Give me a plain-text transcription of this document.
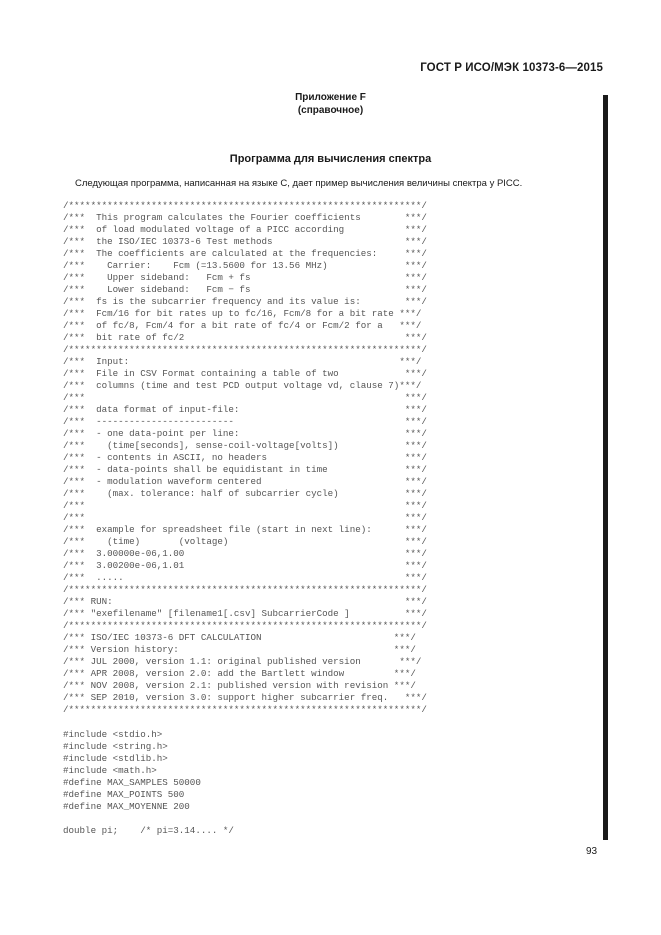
ГОСТ Р ИСО/МЭК 10373-6—2015
Приложение F
(справочное)
Программа для вычисления спектра
Следующая программа, написанная на языке С, дает пример вычисления величины спектра у PICC.
/****************************************************************/
/***  This program calculates the Fourier coefficients        ***/
/***  of load modulated voltage of a PICC according           ***/
/***  the ISO/IEC 10373-6 Test methods                        ***/
/***  The coefficients are calculated at the frequencies:     ***/
/***    Carrier:    Fcm (=13.5600 for 13.56 MHz)              ***/
/***    Upper sideband:   Fcm + fs                            ***/
/***    Lower sideband:   Fcm − fs                            ***/
/***  fs is the subcarrier frequency and its value is:        ***/
/***  Fcm/16 for bit rates up to fc/16, Fcm/8 for a bit rate ***/
/***  of fc/8, Fcm/4 for a bit rate of fc/4 or Fcm/2 for a   ***/
/***  bit rate of fc/2                                        ***/
/****************************************************************/
/***  Input:                                                 ***/
/***  File in CSV Format containing a table of two            ***/
/***  columns (time and test PCD output voltage vd, clause 7)***/
/***                                                          ***/
/***  data format of input-file:                              ***/
/***  -------------------------                               ***/
/***  - one data-point per line:                              ***/
/***    (time[seconds], sense-coil-voltage[volts])            ***/
/***  - contents in ASCII, no headers                         ***/
/***  - data-points shall be equidistant in time              ***/
/***  - modulation waveform centered                          ***/
/***    (max. tolerance: half of subcarrier cycle)            ***/
/***                                                          ***/
/***                                                          ***/
/***  example for spreadsheet file (start in next line):      ***/
/***    (time)       (voltage)                                ***/
/***  3.00000e-06,1.00                                        ***/
/***  3.00200e-06,1.01                                        ***/
/***  .....                                                   ***/
/****************************************************************/
/*** RUN:                                                     ***/
/*** "exefilename" [filename1[.csv] SubcarrierCode ]          ***/
/****************************************************************/
/*** ISO/IEC 10373-6 DFT CALCULATION                        ***/
/*** Version history:                                       ***/
/*** JUL 2000, version 1.1: original published version       ***/
/*** APR 2008, version 2.0: add the Bartlett window         ***/
/*** NOV 2008, version 2.1: published version with revision ***/
/*** SEP 2010, version 3.0: support higher subcarrier freq.   ***/
/****************************************************************/
#include <stdio.h>
#include <string.h>
#include <stdlib.h>
#include <math.h>
#define MAX_SAMPLES 50000
#define MAX_POINTS 500
#define MAX_MOYENNE 200
double pi;    /* pi=3.14.... */
93
